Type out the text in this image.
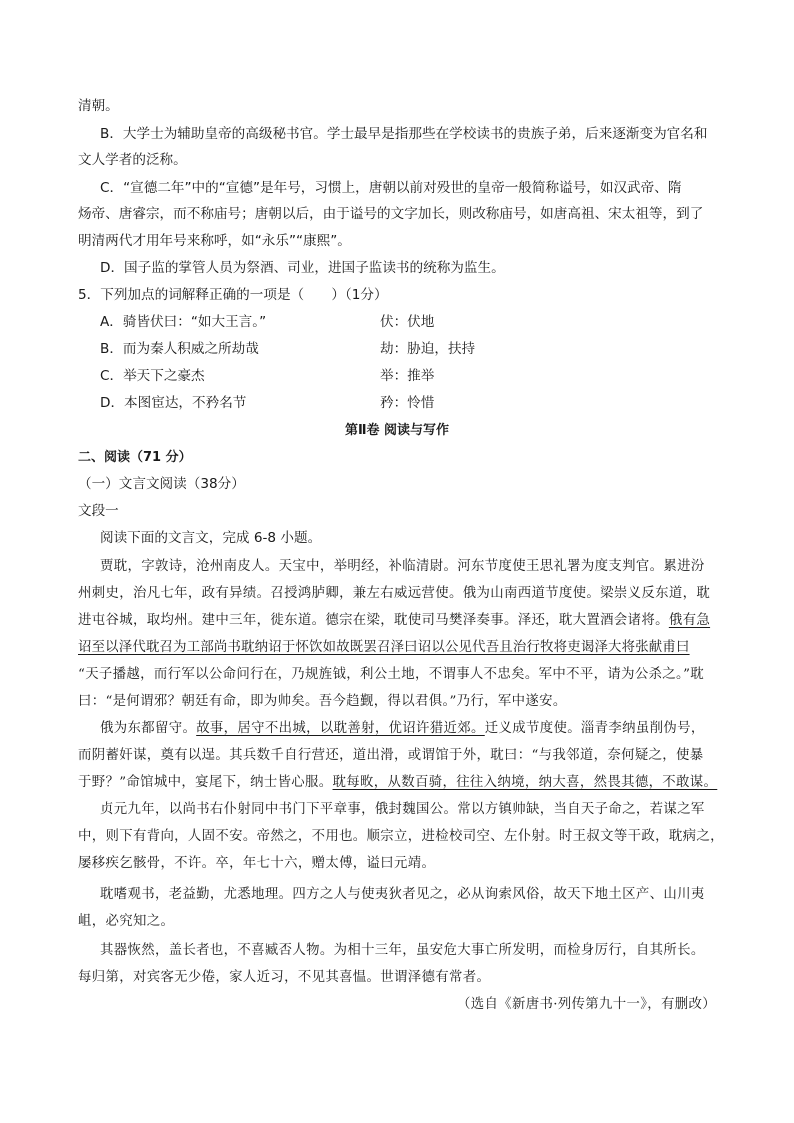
清朝。
B．大学士为辅助皇帝的高级秘书官。学士最早是指那些在学校读书的贵族子弟，后来逐渐变为官名和
文人学者的泛称。
C．“宣德二年”中的“宣德”是年号，习惯上，唐朝以前对殁世的皇帝一般简称谥号，如汉武帝、隋
炀帝、唐睿宗，而不称庙号；唐朝以后，由于谥号的文字加长，则改称庙号，如唐高祖、宋太祖等，到了
明清两代才用年号来称呼，如“永乐”“康熙”。
D．国子监的掌管人员为祭酒、司业，进国子监读书的统称为监生。
5．下列加点的词解释正确的一项是（　　）（1分）
A．骑皆伏曰：“如大王言。”	伏：伏地
B．而为秦人积威之所劫哉	劫：胁迫，扶持
C．举天下之豪杰	举：推举
D．本图宦达，不矜名节	矜：怜惜
第Ⅱ卷 阅读与写作
二、阅读（71 分）
（一）文言文阅读（38分）
文段一
阅读下面的文言文，完成 6-8 小题。
贾耽，字敦诗，沧州南皮人。天宝中，举明经，补临清尉。河东节度使王思礼署为度支判官。累进汾
州刺史，治凡七年，政有异绩。召授鸿胪卿，兼左右威远营使。俄为山南西道节度使。梁崇义反东道，耽
进屯谷城，取均州。建中三年，徙东道。德宗在梁，耽使司马樊泽奏事。泽还，耽大置酒会诸将。俄有急
诏至以泽代耽召为工部尚书耽纳诏于怀饮如故既罢召泽曰诏以公见代吾且治行牧将吏谒泽大将张献甫曰
“天子播越，而行军以公命问行在，乃规旌钺，利公土地，不谓事人不忠矣。军中不平，请为公杀之。”耽
曰：“是何谓邪？朝廷有命，即为帅矣。吾今趋觐，得以君俱。”乃行，军中遂安。
俄为东都留守。故事，居守不出城，以耽善射，优诏许猎近郊。迁义成节度使。淄青李纳虽削伪号，
而阴蓄奸谋，奠有以逞。其兵数千自行营还，道出滑，或谓馆于外，耽曰：“与我邻道，奈何疑之，使暴
于野？”命馆城中，宴尾下，纳士皆心服。耽每畋，从数百骑，往往入纳境，纳大喜，然畏其德，不敢谋。
贞元九年，以尚书右仆射同中书门下平章事，俄封魏国公。常以方镇帅缺，当自天子命之，若谋之军
中，则下有背向，人固不安。帝然之，不用也。顺宗立，进检校司空、左仆射。时王叔文等干政，耽病之，
屡移疾乞骸骨，不许。卒，年七十六，赠太傅，谥曰元靖。
耽嗜观书，老益勤，尤悉地理。四方之人与使夷狄者见之，必从询索风俗，故天下地土区产、山川夷
岨，必究知之。
其器恢然，盖长者也，不喜臧否人物。为相十三年，虽安危大事亡所发明，而检身厉行，自其所长。
每归第，对宾客无少倦，家人近习，不见其喜愠。世谓泽德有常者。
（选自《新唐书·列传第九十一》，有删改）
